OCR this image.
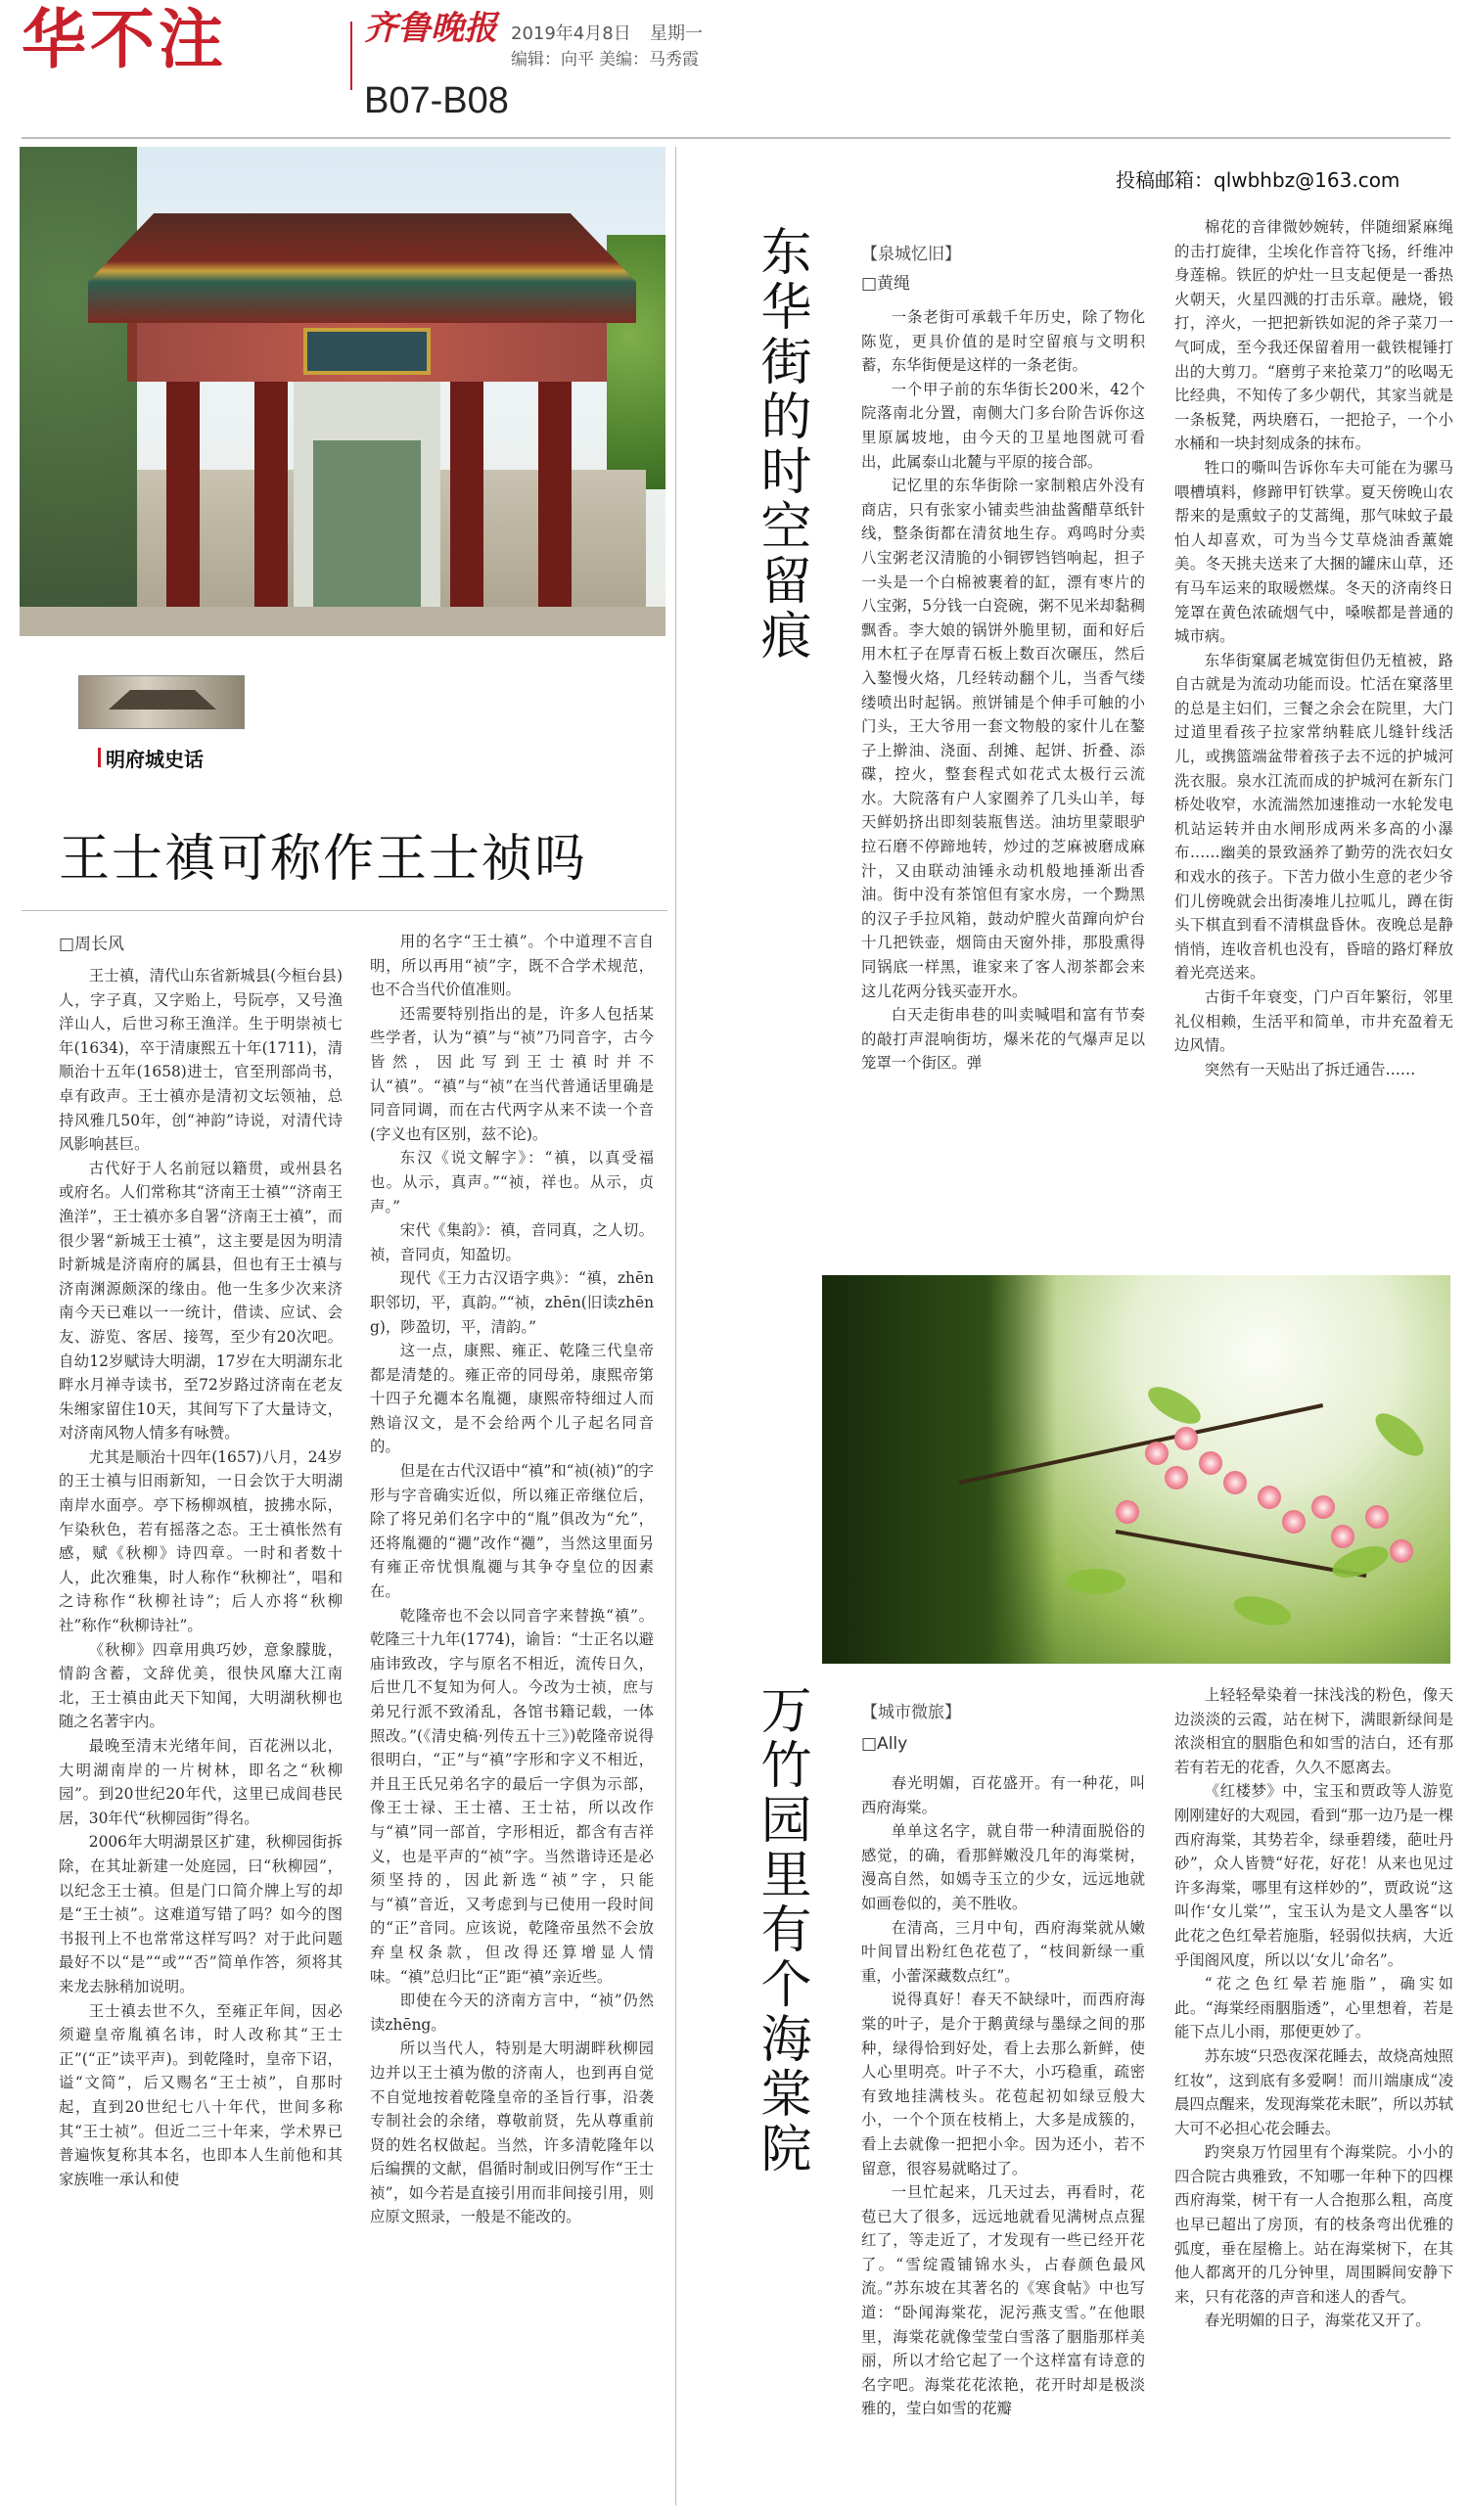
华不注	齐鲁晚报 2019年4月8日 星期一
编辑：向平 美编：马秀霞
B07-B08
投稿邮箱：qlwbhbz@163.com
明府城史话
王士禛可称作王士祯吗
□周长风

王士禛，清代山东省新城县(今桓台县)人，字子真，又字贻上，号阮亭，又号渔洋山人，后世习称王渔洋。生于明崇祯七年(1634)，卒于清康熙五十年(1711)，清顺治十五年(1658)进士，官至刑部尚书，卓有政声。王士禛亦是清初文坛领袖，总持风雅几50年，创“神韵”诗说，对清代诗风影响甚巨。

古代好于人名前冠以籍贯，或州县名或府名。人们常称其“济南王士禛”“济南王渔洋”，王士禛亦多自署“济南王士禛”，而很少署“新城王士禛”，这主要是因为明清时新城是济南府的属县，但也有王士禛与济南渊源颇深的缘由。他一生多少次来济南今天已难以一一统计，借读、应试、会友、游览、客居、接驾，至少有20次吧。自幼12岁赋诗大明湖，17岁在大明湖东北畔水月禅寺读书，至72岁路过济南在老友朱缃家留住10天，其间写下了大量诗文，对济南风物人情多有咏赞。

尤其是顺治十四年(1657)八月，24岁的王士禛与旧雨新知，一日会饮于大明湖南岸水面亭。亭下杨柳飒植，披拂水际，乍染秋色，若有摇落之态。王士禛怅然有感，赋《秋柳》诗四章。一时和者数十人，此次雅集，时人称作“秋柳社”，唱和之诗称作“秋柳社诗”；后人亦将“秋柳社”称作“秋柳诗社”。

《秋柳》四章用典巧妙，意象朦胧，情韵含蓄，文辞优美，很快风靡大江南北，王士禛由此天下知闻，大明湖秋柳也随之名著宇内。

最晚至清末光绪年间，百花洲以北，大明湖南岸的一片树林，即名之“秋柳园”。到20世纪20年代，这里已成闾巷民居，30年代“秋柳园街”得名。

2006年大明湖景区扩建，秋柳园街拆除，在其址新建一处庭园，曰“秋柳园”，以纪念王士禛。但是门口简介牌上写的却是“王士祯”。这难道写错了吗？如今的图书报刊上不也常常这样写吗？对于此问题最好不以“是”“或”“否”简单作答，须将其来龙去脉稍加说明。

王士禛去世不久，至雍正年间，因必须避皇帝胤禛名讳，时人改称其“王士正”(“正”读平声)。到乾隆时，皇帝下诏，谥“文简”，后又赐名“王士祯”，自那时起，直到20世纪七八十年代，世间多称其“王士祯”。但近二三十年来，学术界已普遍恢复称其本名，也即本人生前他和其家族唯一承认和使

用的名字“王士禛”。个中道理不言自明，所以再用“祯”字，既不合学术规范，也不合当代价值准则。

还需要特别指出的是，许多人包括某些学者，认为“禛”与“祯”乃同音字，古今皆然，因此写到王士禛时并不认“禛”。“禛”与“祯”在当代普通话里确是同音同调，而在古代两字从来不读一个音(字义也有区别，兹不论)。

东汉《说文解字》：“禛，以真受福也。从示，真声。”“祯，祥也。从示，贞声。”

宋代《集韵》：禛，音同真，之人切。祯，音同贞，知盈切。

现代《王力古汉语字典》：“禛，zhēn职邻切，平，真韵。”“祯，zhēn(旧读zhēng)，陟盈切，平，清韵。”

这一点，康熙、雍正、乾隆三代皇帝都是清楚的。雍正帝的同母弟，康熙帝第十四子允禵本名胤禵，康熙帝特细过人而熟谙汉文，是不会给两个儿子起名同音的。

但是在古代汉语中“禛”和“祯(祯)”的字形与字音确实近似，所以雍正帝继位后，除了将兄弟们名字中的“胤”俱改为“允”，还将胤禵的“禵”改作“禵”，当然这里面另有雍正帝忧惧胤禵与其争夺皇位的因素在。

乾隆帝也不会以同音字来替换“禛”。乾隆三十九年(1774)，谕旨：“士正名以避庙讳致改，字与原名不相近，流传日久，后世几不复知为何人。今改为士祯，庶与弟兄行派不致淆乱，各馆书籍记载，一体照改。”(《清史稿·列传五十三》)乾隆帝说得很明白，“正”与“禛”字形和字义不相近，并且王氏兄弟名字的最后一字俱为示部，像王士禄、王士禧、王士祜，所以改作与“禛”同一部首，字形相近，都含有吉祥义，也是平声的“祯”字。当然谐诗还是必须坚持的，因此新选“祯”字，只能与“禛”音近，又考虑到与已使用一段时间的“正”音同。应该说，乾隆帝虽然不会放弃皇权条款，但改得还算增显人情味。“禛”总归比“正”距“禛”亲近些。

即使在今天的济南方言中，“祯”仍然读zhēng。

所以当代人，特别是大明湖畔秋柳园边并以王士禛为傲的济南人，也到再自觉不自觉地按着乾隆皇帝的圣旨行事，沿袭专制社会的余绪，尊敬前贤，先从尊重前贤的姓名权做起。当然，许多清乾隆年以后编撰的文献，倡循时制或旧例写作“王士祯”，如今若是直接引用而非间接引用，则应原文照录，一般是不能改的。

东华街的时空留痕	【泉城忆旧】
□黄绳

一条老街可承载千年历史，除了物化陈览，更具价值的是时空留痕与文明积蓄，东华街便是这样的一条老街。

一个甲子前的东华街长200米，42个院落南北分置，南侧大门多台阶告诉你这里原属坡地，由今天的卫星地图就可看出，此属泰山北麓与平原的接合部。

记忆里的东华街除一家制粮店外没有商店，只有张家小铺卖些油盐酱醋草纸针线，整条街都在清贫地生存。鸡鸣时分卖八宝粥老汉清脆的小铜锣铛铛响起，担子一头是一个白棉被裹着的缸，漂有枣片的八宝粥，5分钱一白瓷碗，粥不见米却黏稠飘香。李大娘的锅饼外脆里韧，面和好后用木杠子在厚青石板上数百次碾压，然后入鏊慢火烙，几经转动翻个儿，当香气缕缕喷出时起锅。煎饼铺是个伸手可触的小门头，王大爷用一套文物般的家什儿在鏊子上擀油、浇面、刮摊、起饼、折叠、添碟，控火，整套程式如花式太极行云流水。大院落有户人家圈养了几头山羊，每天鲜奶挤出即刻装瓶售送。油坊里蒙眼驴拉石磨不停蹄地转，炒过的芝麻被磨成麻汁，又由联动油锤永动机般地捶渐出香油。街中没有茶馆但有家水房，一个黝黑的汉子手拉风箱，鼓动炉膛火苗蹿向炉台十几把铁壶，烟筒由天窗外排，那股熏得同锅底一样黑，谁家来了客人沏茶都会来这儿花两分钱买壶开水。

白天走街串巷的叫卖喊唱和富有节奏的敲打声混响街坊，爆米花的气爆声足以笼罩一个街区。弹

棉花的音律微妙婉转，伴随细紧麻绳的击打旋律，尘埃化作音符飞扬，纤维冲身莲棉。铁匠的炉灶一旦支起便是一番热火朝天，火星四溅的打击乐章。融烧，锻打，淬火，一把把新铁如泥的斧子菜刀一气呵成，至今我还保留着用一截铁棍锤打出的大剪刀。“磨剪子来抢菜刀”的吆喝无比经典，不知传了多少朝代，其家当就是一条板凳，两块磨石，一把抢子，一个小水桶和一块封刻成条的抹布。

牲口的嘶叫告诉你车夫可能在为骡马喂槽填料，修蹄甲钉铁掌。夏天傍晚山农帮来的是熏蚊子的艾蒿绳，那气味蚊子最怕人却喜欢，可为当今艾草烧油香薰媲美。冬天挑夫送来了大捆的罐床山草，还有马车运来的取暖燃煤。冬天的济南终日笼罩在黄色浓硫烟气中，嗓喉都是普通的城市病。

东华街窠属老城宽街但仍无植被，路自古就是为流动功能而设。忙活在窠落里的总是主妇们，三餐之余会在院里，大门过道里看孩子拉家常纳鞋底儿缝针线活儿，或携篮端盆带着孩子去不远的护城河洗衣服。泉水江流而成的护城河在新东门桥处收窄，水流湍然加速推动一水轮发电机站运转并由水闸形成两米多高的小瀑布……幽美的景致涵养了勤劳的洗衣妇女和戏水的孩子。下苦力做小生意的老少爷们儿傍晚就会出街凑堆儿拉呱儿，蹲在街头下棋直到看不清棋盘昏休。夜晚总是静悄悄，连收音机也没有，昏暗的路灯释放着光亮送来。

古街千年衰变，门户百年繁衍，邻里礼仪相赖，生活平和简单，市井充盈着无边风情。

突然有一天贴出了拆迁通告……

万竹园里有个海棠院	【城市微旅】
□Ally

春光明媚，百花盛开。有一种花，叫西府海棠。

单单这名字，就自带一种清面脱俗的感觉，的确，看那鲜嫩没几年的海棠树，漫高自然，如嫣寺玉立的少女，远远地就如画卷似的，美不胜收。

在清高，三月中旬，西府海棠就从嫩叶间冒出粉红色花苞了，“枝间新绿一重重，小蕾深藏数点红”。

说得真好！春天不缺绿叶，而西府海棠的叶子，是介于鹅黄绿与墨绿之间的那种，绿得恰到好处，看上去那么新鲜，使人心里明亮。叶子不大，小巧稳重，疏密有致地挂满枝头。花苞起初如绿豆般大小，一个个顶在枝梢上，大多是成簇的，看上去就像一把把小伞。因为还小，若不留意，很容易就略过了。

一旦忙起来，几天过去，再看时，花苞已大了很多，远远地就看见满树点点猩红了，等走近了，才发现有一些已经开花了。“雪绽霞铺锦水头，占春颜色最风流。”苏东坡在其著名的《寒食帖》中也写道：“卧闻海棠花，泥污燕支雪。”在他眼里，海棠花就像莹莹白雪落了胭脂那样美丽，所以才给它起了一个这样富有诗意的名字吧。海棠花花浓艳，花开时却是极淡雅的，莹白如雪的花瓣

上轻轻晕染着一抹浅浅的粉色，像天边淡淡的云霞，站在树下，满眼新绿间是浓淡相宜的胭脂色和如雪的洁白，还有那若有若无的花香，久久不愿离去。

《红楼梦》中，宝玉和贾政等人游览刚刚建好的大观园，看到“那一边乃是一棵西府海棠，其势若伞，绿垂碧缕，葩吐丹砂”，众人皆赞“好花，好花！从来也见过许多海棠，哪里有这样妙的”，贾政说“这叫作‘女儿棠’”，宝玉认为是文人墨客“以此花之色红晕若施脂，轻弱似扶病，大近乎闺阁风度，所以以‘女儿’命名”。

“花之色红晕若施脂”，确实如此。“海棠经雨胭脂透”，心里想着，若是能下点儿小雨，那便更妙了。

苏东坡“只恐夜深花睡去，故烧高烛照红妆”，这到底有多爱啊！而川端康成“凌晨四点醒来，发现海棠花未眠”，所以苏轼大可不必担心花会睡去。

趵突泉万竹园里有个海棠院。小小的四合院古典雅致，不知哪一年种下的四棵西府海棠，树干有一人合抱那么粗，高度也早已超出了房顶，有的枝条弯出优雅的弧度，垂在屋檐上。站在海棠树下，在其他人都离开的几分钟里，周围瞬间安静下来，只有花落的声音和迷人的香气。

春光明媚的日子，海棠花又开了。
